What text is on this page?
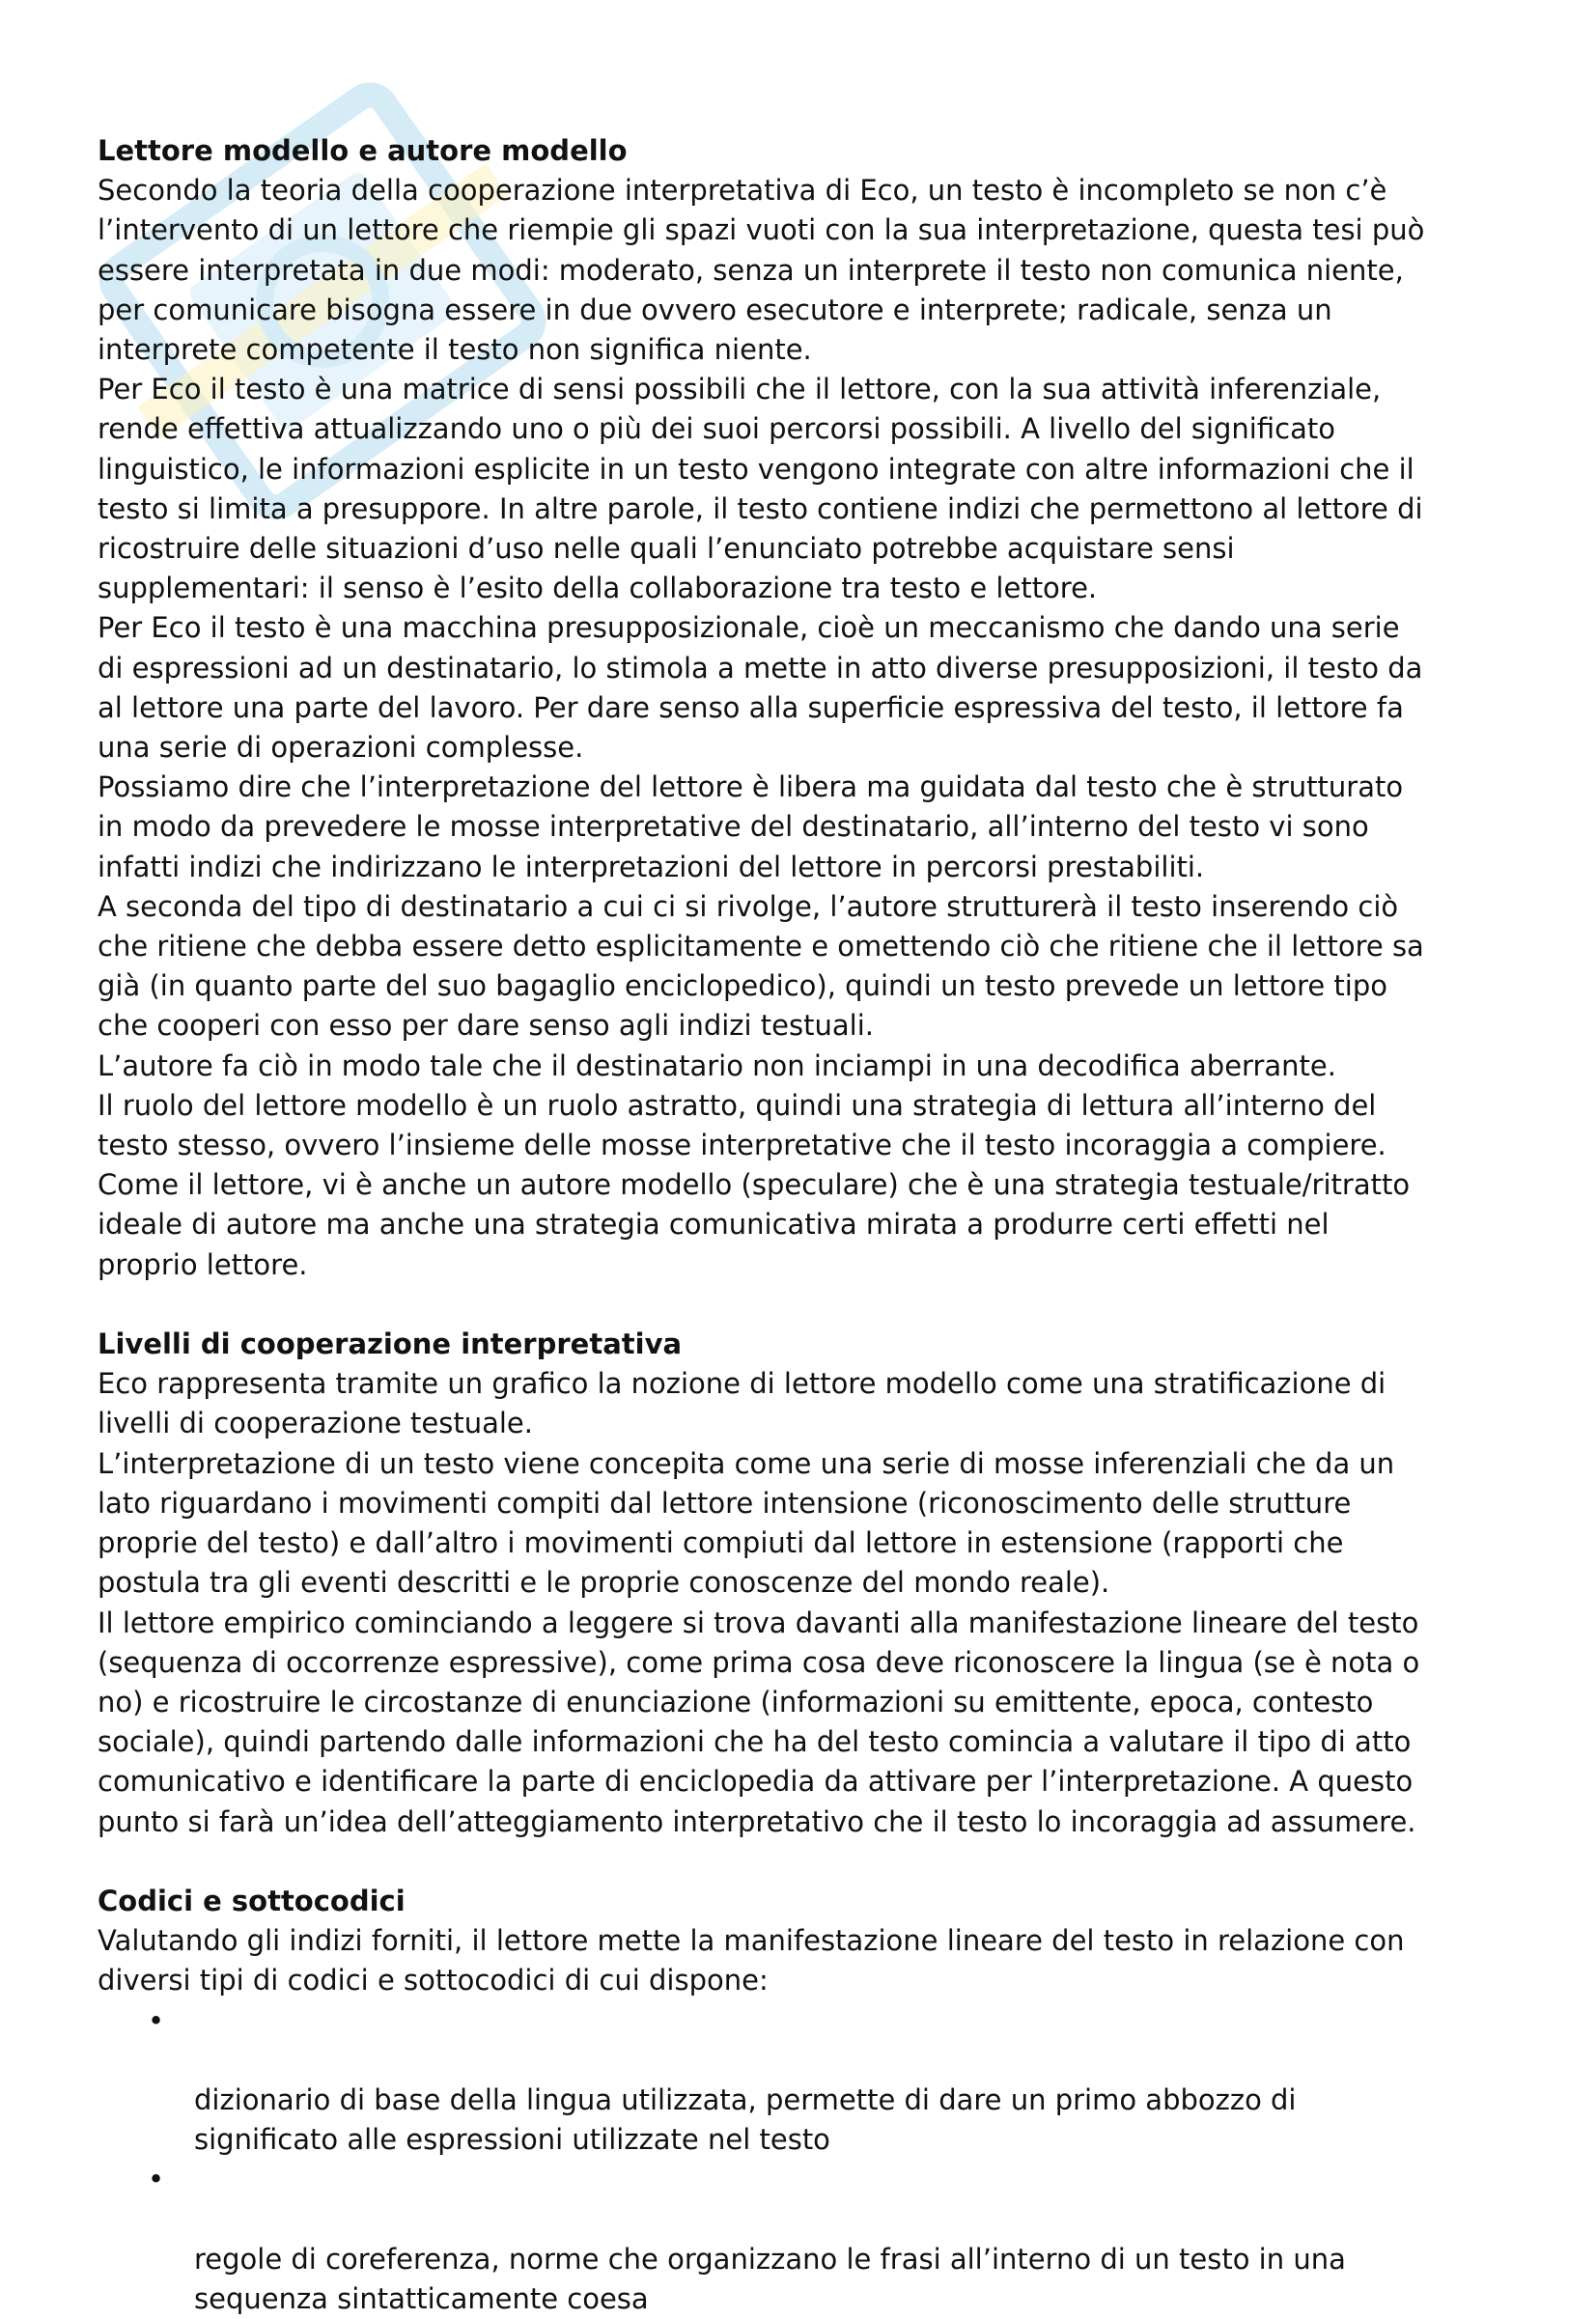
Lettore modello e autore modello

Secondo la teoria della cooperazione interpretativa di Eco, un testo è incompleto se non c’è
l’intervento di un lettore che riempie gli spazi vuoti con la sua interpretazione, questa tesi può
essere interpretata in due modi: moderato, senza un interprete il testo non comunica niente,
per comunicare bisogna essere in due ovvero esecutore e interprete; radicale, senza un
interprete competente il testo non significa niente.

Per Eco il testo è una matrice di sensi possibili che il lettore, con la sua attività inferenziale,
rende effettiva attualizzando uno o più dei suoi percorsi possibili. A livello del significato
linguistico, le informazioni esplicite in un testo vengono integrate con altre informazioni che il
testo si limita a presuppore. In altre parole, il testo contiene indizi che permettono al lettore di
ricostruire delle situazioni d’uso nelle quali l’enunciato potrebbe acquistare sensi
supplementari: il senso è l’esito della collaborazione tra testo e lettore.

Per Eco il testo è una macchina presupposizionale, cioè un meccanismo che dando una serie
di espressioni ad un destinatario, lo stimola a mette in atto diverse presupposizioni, il testo da
al lettore una parte del lavoro. Per dare senso alla superficie espressiva del testo, il lettore fa
una serie di operazioni complesse.

Possiamo dire che l’interpretazione del lettore è libera ma guidata dal testo che è strutturato
in modo da prevedere le mosse interpretative del destinatario, all’interno del testo vi sono
infatti indizi che indirizzano le interpretazioni del lettore in percorsi prestabiliti.

A seconda del tipo di destinatario a cui ci si rivolge, l’autore strutturerà il testo inserendo ciò
che ritiene che debba essere detto esplicitamente e omettendo ciò che ritiene che il lettore sa
già (in quanto parte del suo bagaglio enciclopedico), quindi un testo prevede un lettore tipo
che cooperi con esso per dare senso agli indizi testuali.

L’autore fa ciò in modo tale che il destinatario non inciampi in una decodifica aberrante.

Il ruolo del lettore modello è un ruolo astratto, quindi una strategia di lettura all’interno del
testo stesso, ovvero l’insieme delle mosse interpretative che il testo incoraggia a compiere.

Come il lettore, vi è anche un autore modello (speculare) che è una strategia testuale/ritratto
ideale di autore ma anche una strategia comunicativa mirata a produrre certi effetti nel
proprio lettore.

Livelli di cooperazione interpretativa

Eco rappresenta tramite un grafico la nozione di lettore modello come una stratificazione di
livelli di cooperazione testuale.

L’interpretazione di un testo viene concepita come una serie di mosse inferenziali che da un
lato riguardano i movimenti compiti dal lettore intensione (riconoscimento delle strutture
proprie del testo) e dall’altro i movimenti compiuti dal lettore in estensione (rapporti che
postula tra gli eventi descritti e le proprie conoscenze del mondo reale).

Il lettore empirico cominciando a leggere si trova davanti alla manifestazione lineare del testo
(sequenza di occorrenze espressive), come prima cosa deve riconoscere la lingua (se è nota o
no) e ricostruire le circostanze di enunciazione (informazioni su emittente, epoca, contesto
sociale), quindi partendo dalle informazioni che ha del testo comincia a valutare il tipo di atto
comunicativo e identificare la parte di enciclopedia da attivare per l’interpretazione. A questo
punto si farà un’idea dell’atteggiamento interpretativo che il testo lo incoraggia ad assumere.

Codici e sottocodici

Valutando gli indizi forniti, il lettore mette la manifestazione lineare del testo in relazione con
diversi tipi di codici e sottocodici di cui dispone:

•

dizionario di base della lingua utilizzata, permette di dare un primo abbozzo di
significato alle espressioni utilizzate nel testo

•

regole di coreferenza, norme che organizzano le frasi all’interno di un testo in una
sequenza sintatticamente coesa
